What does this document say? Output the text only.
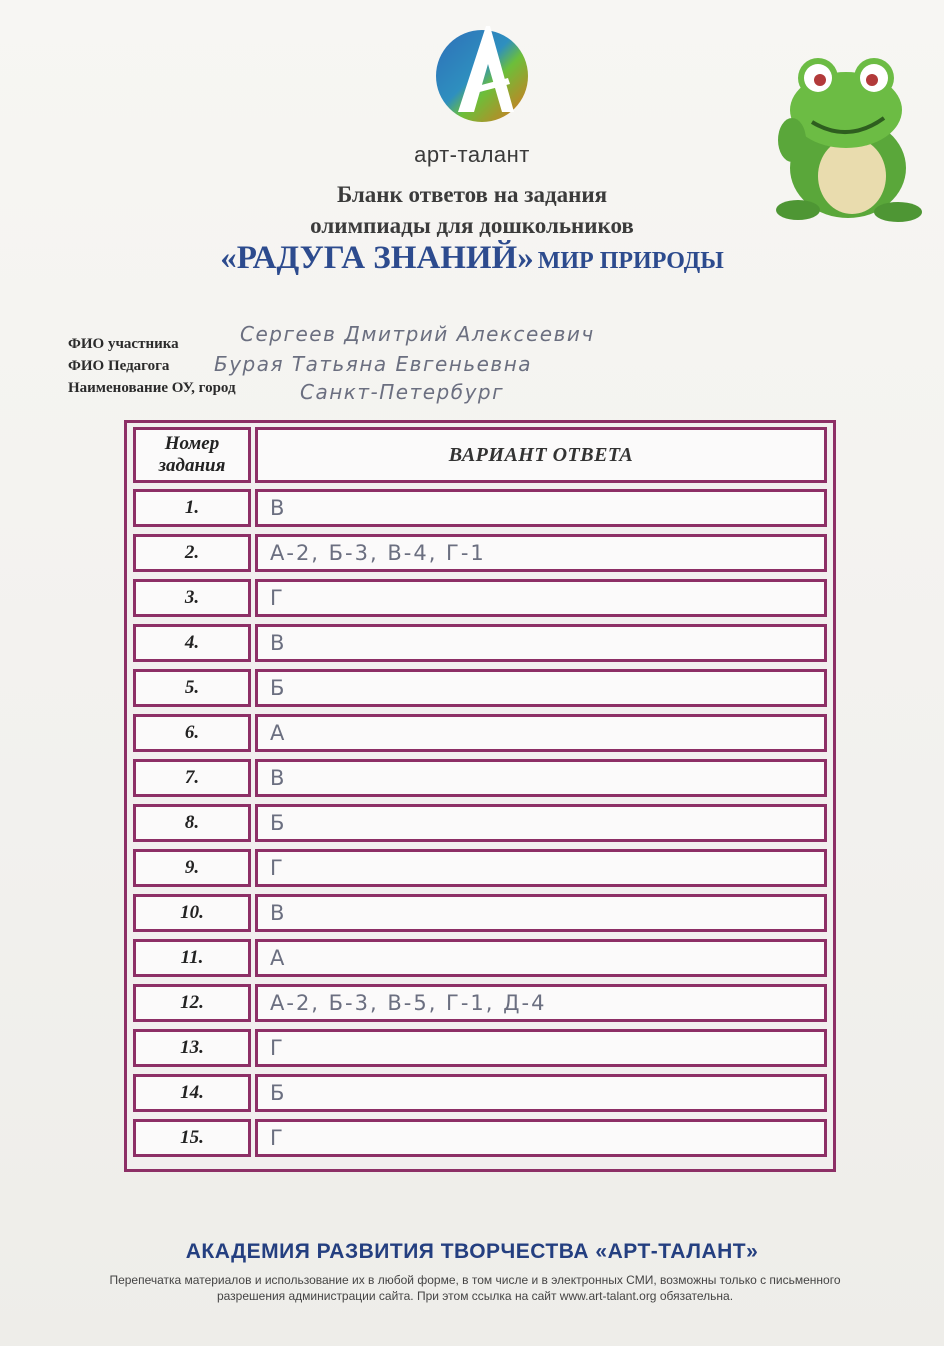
арт-талант
Бланк ответов на задания
олимпиады для дошкольников
«РАДУГА ЗНАНИЙ» МИР ПРИРОДЫ
ФИО участника	Сергеев Дмитрий Алексеевич
ФИО Педагога Бурая Татьяна Евгеньевна
Наименование ОУ, город	Санкт-Петербург
Номер
задания	ВАРИАНТ ОТВЕТА
1.	В
2.	А-2, Б-3, В-4, Г-1
3.	Г
4.	В
5.	Б
6.	А
7.	В
8.	Б
9.	Г
10.	В
11.	А
12.	А-2, Б-3, В-5, Г-1, Д-4
13.	Г
14.	Б
15.	Г
АКАДЕМИЯ РАЗВИТИЯ ТВОРЧЕСТВА «АРТ-ТАЛАНТ»
Перепечатка материалов и использование их в любой форме, в том числе и в электронных СМИ, возможны только с письменного разрешения администрации сайта. При этом ссылка на сайт www.art-talant.org обязательна.
